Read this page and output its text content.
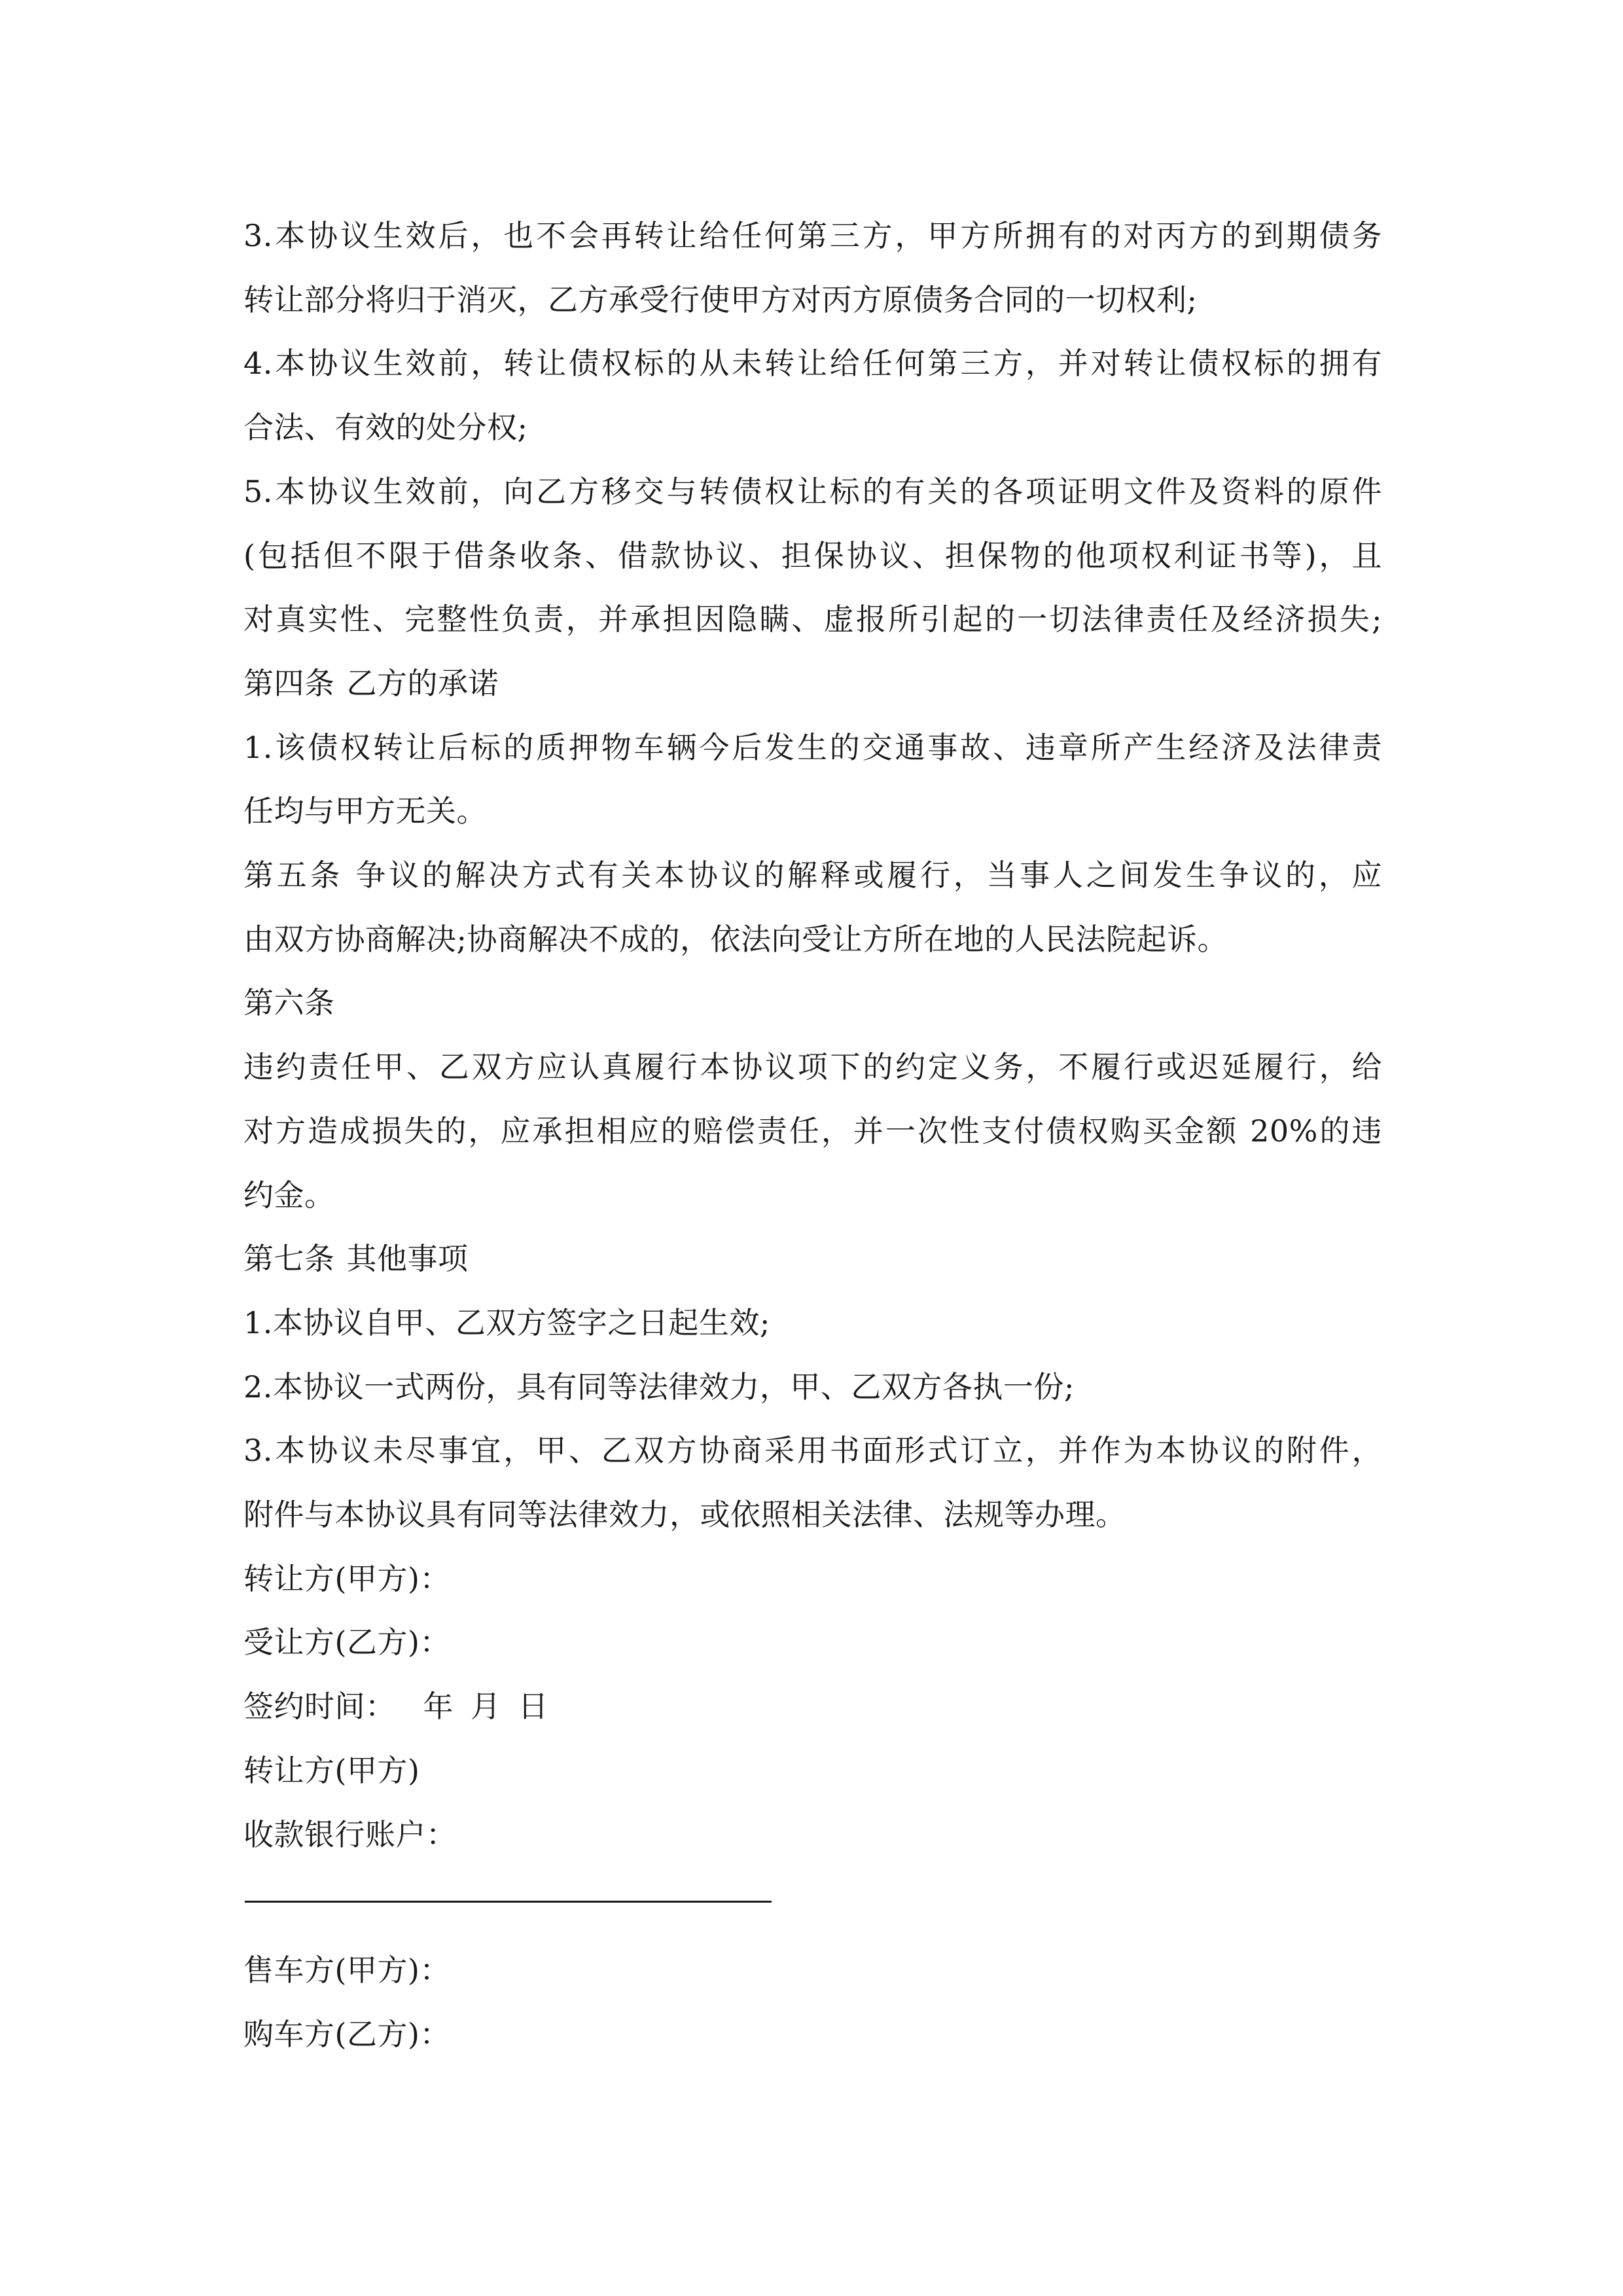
3.本协议生效后，也不会再转让给任何第三方，甲方所拥有的对丙方的到期债务
转让部分将归于消灭，乙方承受行使甲方对丙方原债务合同的一切权利;
4.本协议生效前，转让债权标的从未转让给任何第三方，并对转让债权标的拥有
合法、有效的处分权;
5.本协议生效前，向乙方移交与转债权让标的有关的各项证明文件及资料的原件
(包括但不限于借条收条、借款协议、担保协议、担保物的他项权利证书等)，且
对真实性、完整性负责，并承担因隐瞒、虚报所引起的一切法律责任及经济损失;
第四条 乙方的承诺
1.该债权转让后标的质押物车辆今后发生的交通事故、违章所产生经济及法律责
任均与甲方无关。
第五条 争议的解决方式有关本协议的解释或履行，当事人之间发生争议的，应
由双方协商解决;协商解决不成的，依法向受让方所在地的人民法院起诉。
第六条
违约责任甲、乙双方应认真履行本协议项下的约定义务，不履行或迟延履行，给
对方造成损失的，应承担相应的赔偿责任，并一次性支付债权购买金额 20%的违
约金。
第七条 其他事项
1.本协议自甲、乙双方签字之日起生效;
2.本协议一式两份，具有同等法律效力，甲、乙双方各执一份;
3.本协议未尽事宜，甲、乙双方协商采用书面形式订立，并作为本协议的附件，
附件与本协议具有同等法律效力，或依照相关法律、法规等办理。
转让方(甲方)：
受让方(乙方)：
签约时间： 年 月 日
转让方(甲方)
收款银行账户：
售车方(甲方)：
购车方(乙方)：
